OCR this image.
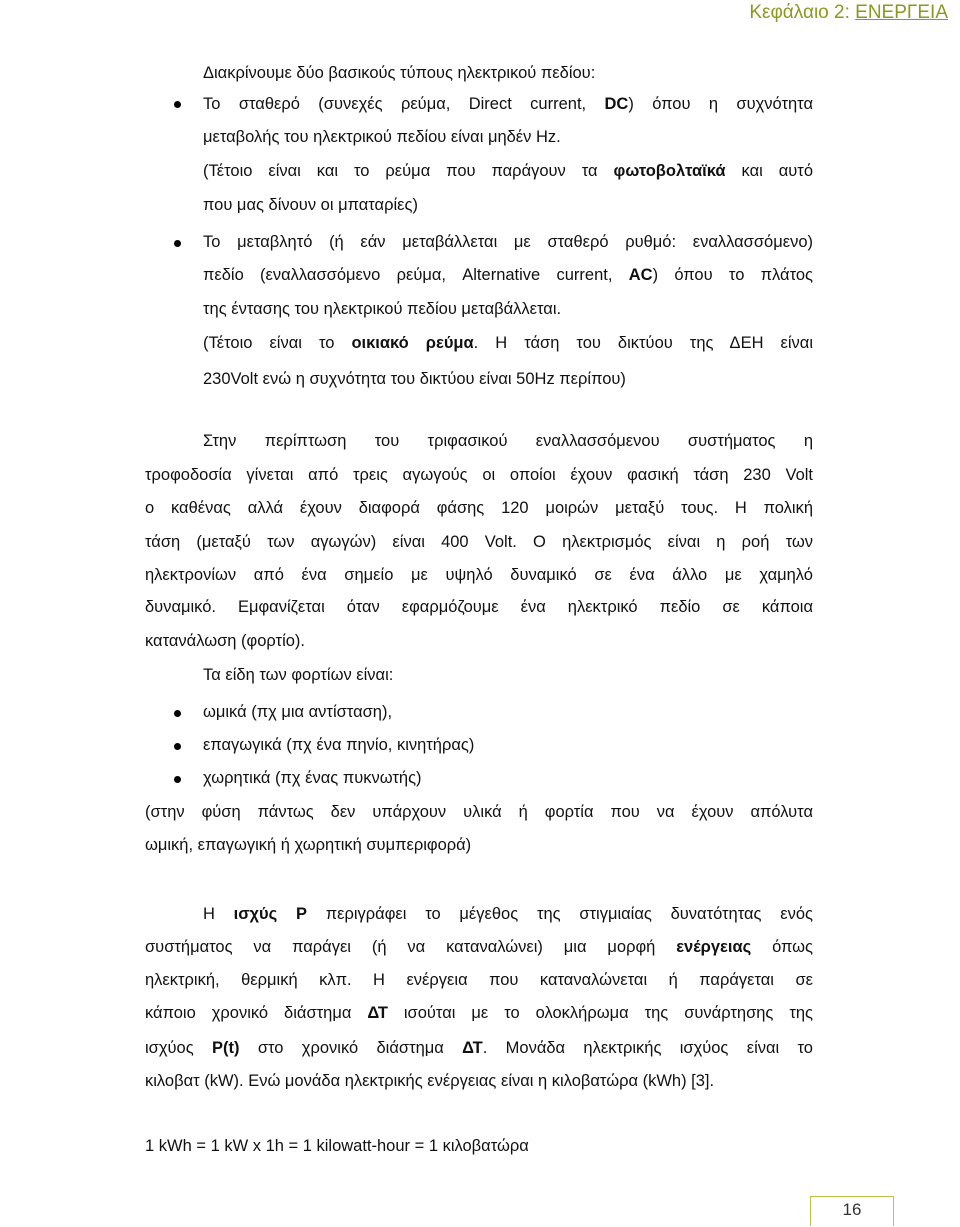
Κεφάλαιο 2: ΕΝΕΡΓΕΙΑ
Διακρίνουμε δύο βασικούς τύπους ηλεκτρικού πεδίου:
Το σταθερό (συνεχές ρεύμα, Direct current, DC) όπου η συχνότητα
μεταβολής του ηλεκτρικού πεδίου είναι μηδέν Hz.
(Τέτοιο είναι και το ρεύμα που παράγουν τα φωτοβολταϊκά και αυτό
που μας δίνουν οι μπαταρίες)
Το μεταβλητό (ή εάν μεταβάλλεται με σταθερό ρυθμό: εναλλασσόμενο)
πεδίο (εναλλασσόμενο ρεύμα, Alternative current, AC) όπου το πλάτος
της έντασης του ηλεκτρικού πεδίου μεταβάλλεται.
(Τέτοιο είναι το οικιακό ρεύμα. Η τάση του δικτύου της ΔΕΗ είναι
230Volt ενώ η συχνότητα του δικτύου είναι 50Hz περίπου)
Στην περίπτωση του τριφασικού εναλλασσόμενου συστήματος η
τροφοδοσία γίνεται από τρεις αγωγούς οι οποίοι έχουν φασική τάση 230 Volt
ο καθένας αλλά έχουν διαφορά φάσης 120 μοιρών μεταξύ τους. Η πολική
τάση (μεταξύ των αγωγών) είναι 400 Volt. Ο ηλεκτρισμός είναι η ροή των
ηλεκτρονίων από ένα σημείο με υψηλό δυναμικό σε ένα άλλο με χαμηλό
δυναμικό. Εμφανίζεται όταν εφαρμόζουμε ένα ηλεκτρικό πεδίο σε κάποια
κατανάλωση (φορτίο).
Τα είδη των φορτίων είναι:
ωμικά (πχ μια αντίσταση),
επαγωγικά (πχ ένα πηνίο, κινητήρας)
χωρητικά (πχ ένας πυκνωτής)
(στην φύση πάντως δεν υπάρχουν υλικά ή φορτία που να έχουν απόλυτα
ωμική, επαγωγική ή χωρητική συμπεριφορά)
Η ισχύς P περιγράφει το μέγεθος της στιγμιαίας δυνατότητας ενός
συστήματος να παράγει (ή να καταναλώνει) μια μορφή ενέργειας όπως
ηλεκτρική, θερμική κλπ. Η ενέργεια που καταναλώνεται ή παράγεται σε
κάποιο χρονικό διάστημα ΔΤ ισούται με το ολοκλήρωμα της συνάρτησης της
ισχύος P(t) στο χρονικό διάστημα ΔΤ. Μονάδα ηλεκτρικής ισχύος είναι το
κιλοβατ (kW). Ενώ μονάδα ηλεκτρικής ενέργειας είναι η κιλοβατώρα (kWh) [3].
1 kWh = 1 kW x 1h = 1 kilowatt-hour = 1 κιλοβατώρα
16
